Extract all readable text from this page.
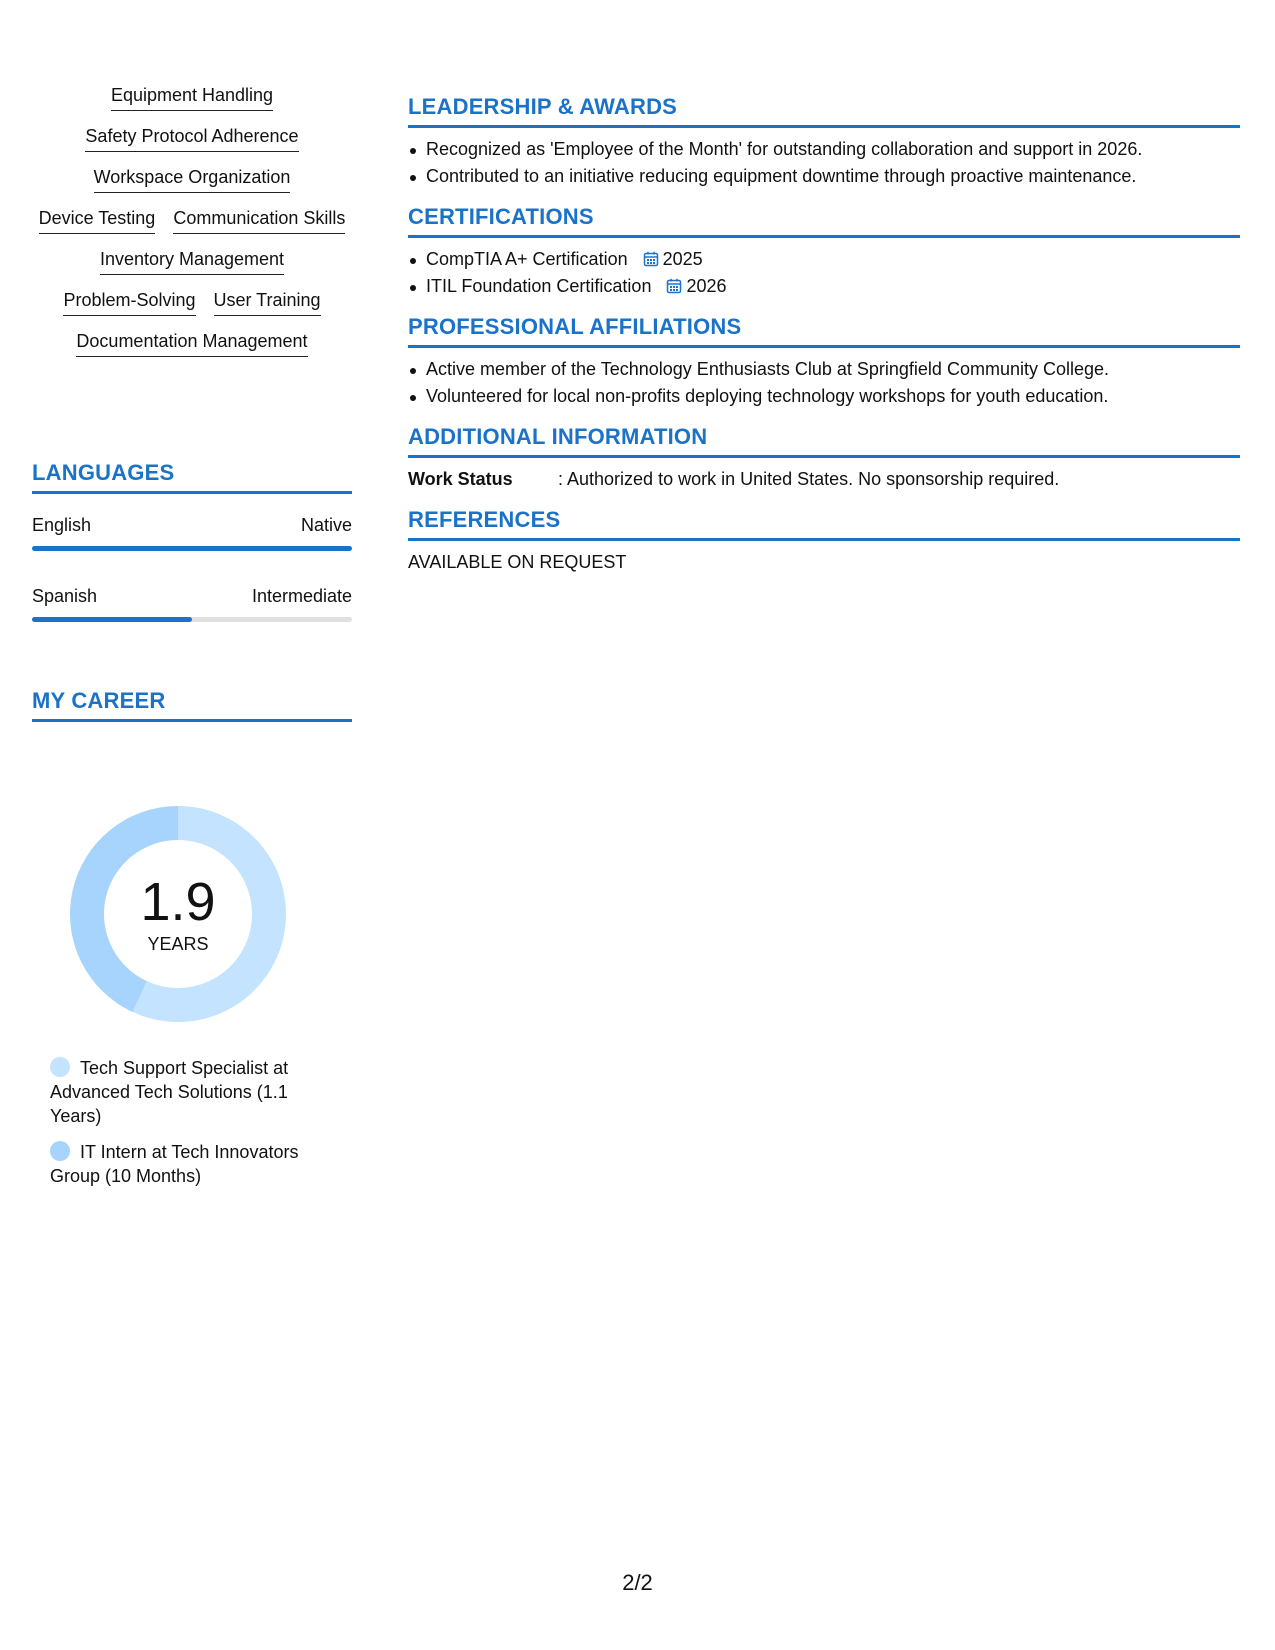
Equipment Handling
Safety Protocol Adherence
Workspace Organization
Device Testing Communication Skills
Inventory Management
Problem-Solving User Training
Documentation Management
LANGUAGES
English	Native
Spanish	Intermediate
MY CAREER
1.9
YEARS
Tech Support Specialist at Advanced Tech Solutions (1.1 Years)
IT Intern at Tech Innovators Group (10 Months)
LEADERSHIP & AWARDS
Recognized as 'Employee of the Month' for outstanding collaboration and support in 2026.
Contributed to an initiative reducing equipment downtime through proactive maintenance.
CERTIFICATIONS
CompTIA A+ Certification 2025
ITIL Foundation Certification 2026
PROFESSIONAL AFFILIATIONS
Active member of the Technology Enthusiasts Club at Springfield Community College.
Volunteered for local non-profits deploying technology workshops for youth education.
ADDITIONAL INFORMATION
Work Status	: Authorized to work in United States. No sponsorship required.
REFERENCES
AVAILABLE ON REQUEST
2/2
